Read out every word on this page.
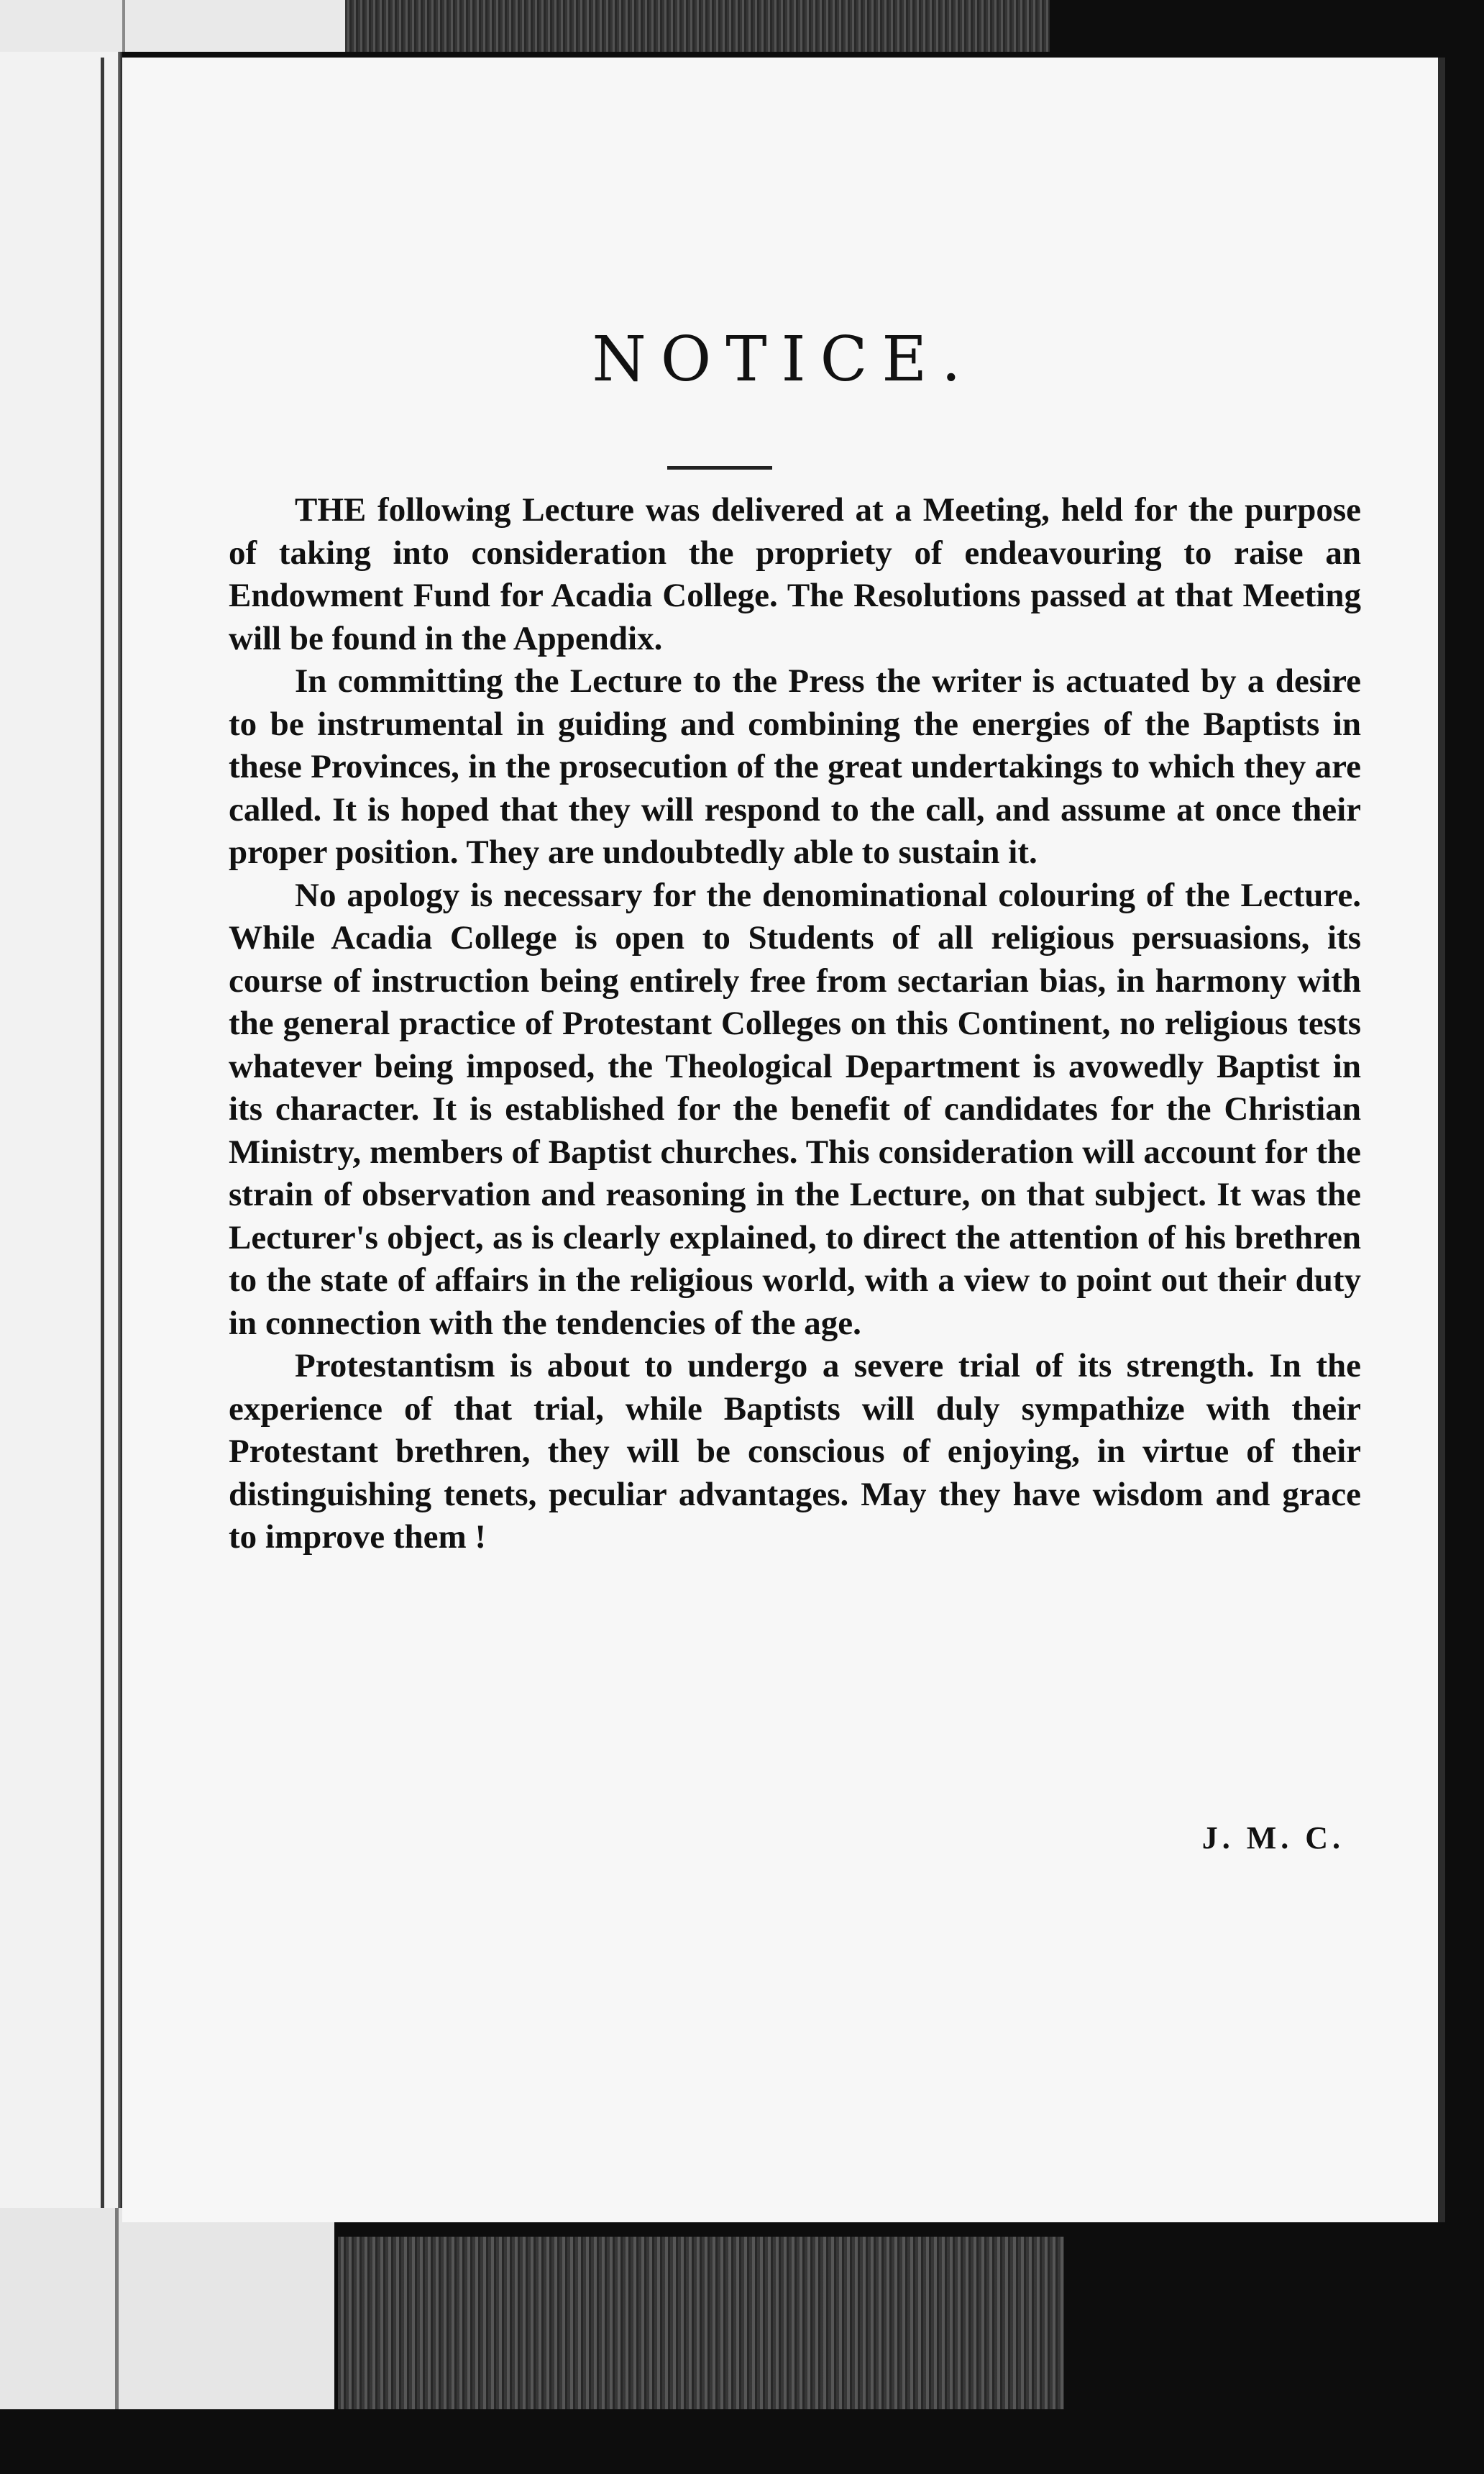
NOTICE.

THE following Lecture was delivered at a Meeting, held for the purpose of taking into consideration the propriety of endeavouring to raise an Endowment Fund for Acadia College. The Resolutions passed at that Meeting will be found in the Appendix.

In committing the Lecture to the Press the writer is actuated by a desire to be instrumental in guiding and combining the energies of the Baptists in these Provinces, in the prosecution of the great undertakings to which they are called. It is hoped that they will respond to the call, and assume at once their proper position. They are undoubtedly able to sustain it.

No apology is necessary for the denominational colouring of the Lecture. While Acadia College is open to Students of all religious persuasions, its course of instruction being entirely free from sectarian bias, in harmony with the general practice of Protestant Colleges on this Continent, no religious tests whatever being imposed, the Theological Department is avowedly Baptist in its character. It is established for the benefit of candidates for the Christian Ministry, members of Baptist churches. This consideration will account for the strain of observation and reasoning in the Lecture, on that subject. It was the Lecturer's object, as is clearly explained, to direct the attention of his brethren to the state of affairs in the religious world, with a view to point out their duty in connection with the tendencies of the age.

Protestantism is about to undergo a severe trial of its strength. In the experience of that trial, while Baptists will duly sympathize with their Protestant brethren, they will be conscious of enjoying, in virtue of their distinguishing tenets, peculiar advantages. May they have wisdom and grace to improve them !

J. M. C.
